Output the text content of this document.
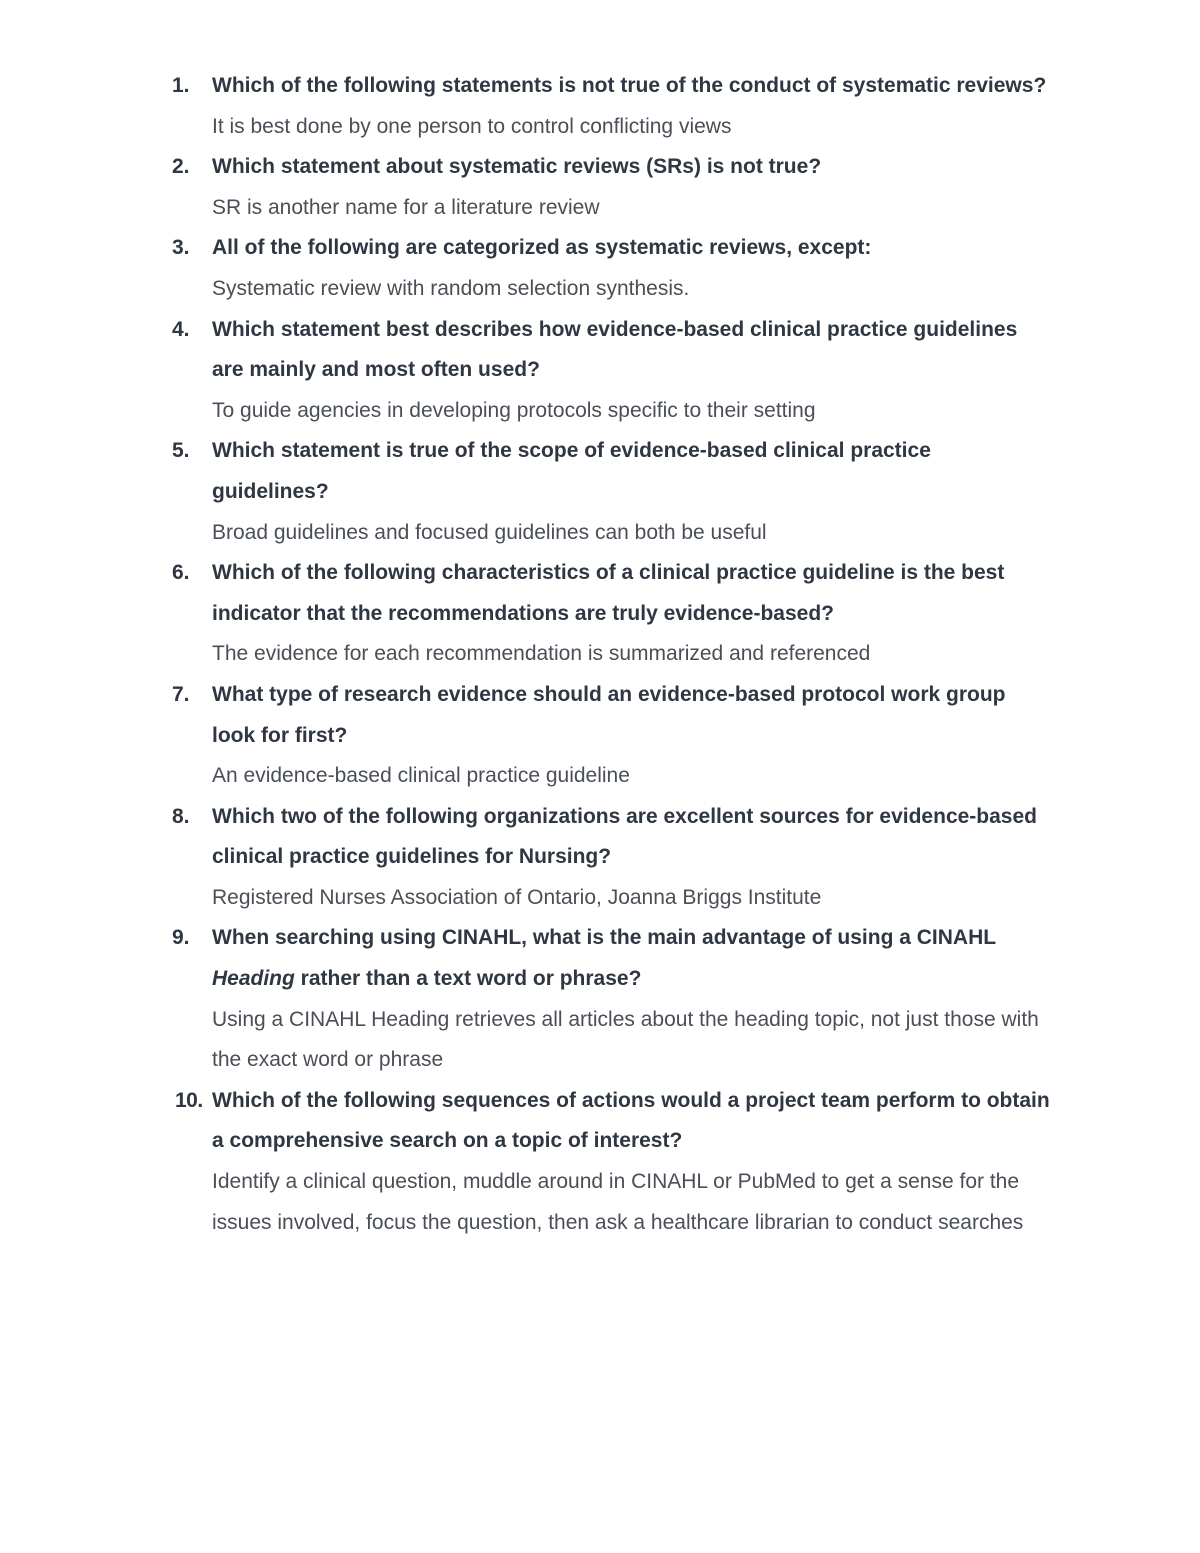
1. Which of the following statements is not true of the conduct of systematic reviews?

It is best done by one person to control conflicting views

2. Which statement about systematic reviews (SRs) is not true?

SR is another name for a literature review

3. All of the following are categorized as systematic reviews, except:

Systematic review with random selection synthesis.

4. Which statement best describes how evidence-based clinical practice guidelines are mainly and most often used?

To guide agencies in developing protocols specific to their setting

5. Which statement is true of the scope of evidence-based clinical practice guidelines?

Broad guidelines and focused guidelines can both be useful

6. Which of the following characteristics of a clinical practice guideline is the best indicator that the recommendations are truly evidence-based?

The evidence for each recommendation is summarized and referenced

7. What type of research evidence should an evidence-based protocol work group look for first?

An evidence-based clinical practice guideline

8. Which two of the following organizations are excellent sources for evidence-based clinical practice guidelines for Nursing?

Registered Nurses Association of Ontario, Joanna Briggs Institute

9. When searching using CINAHL, what is the main advantage of using a CINAHL Heading rather than a text word or phrase?

Using a CINAHL Heading retrieves all articles about the heading topic, not just those with the exact word or phrase

10. Which of the following sequences of actions would a project team perform to obtain a comprehensive search on a topic of interest?

Identify a clinical question, muddle around in CINAHL or PubMed to get a sense for the issues involved, focus the question, then ask a healthcare librarian to conduct searches
